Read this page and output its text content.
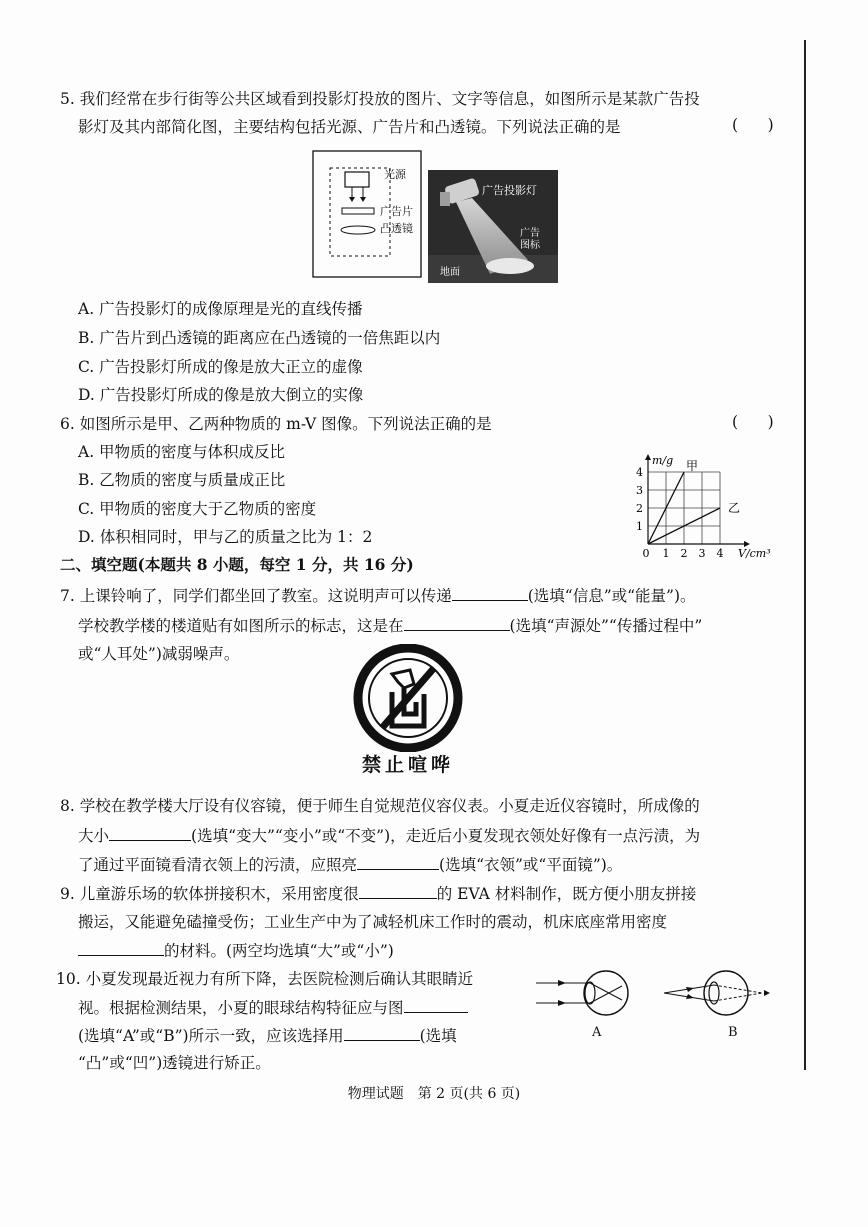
5. 我们经常在步行街等公共区域看到投影灯投放的图片、文字等信息，如图所示是某款广告投
影灯及其内部简化图，主要结构包括光源、广告片和凸透镜。下列说法正确的是	(      )
光源
广告片
凸透镜
广告投影灯
广告图标
地面
A. 广告投影灯的成像原理是光的直线传播
B. 广告片到凸透镜的距离应在凸透镜的一倍焦距以内
C. 广告投影灯所成的像是放大正立的虚像
D. 广告投影灯所成的像是放大倒立的实像
6. 如图所示是甲、乙两种物质的 m-V 图像。下列说法正确的是	(      )
A. 甲物质的密度与体积成反比
B. 乙物质的密度与质量成正比
C. 甲物质的密度大于乙物质的密度
D. 体积相同时，甲与乙的质量之比为 1：2
0 1 2 3 4
1
2
3
4
V/cm³
m/g 甲
乙
二、填空题(本题共 8 小题，每空 1 分，共 16 分)
7. 上课铃响了，同学们都坐回了教室。这说明声可以传递	(选填“信息”或“能量”)。
学校教学楼的楼道贴有如图所示的标志，这是在	(选填“声源处”“传播过程中”
或“人耳处”)减弱噪声。
禁止喧哗
8. 学校在教学楼大厅设有仪容镜，便于师生自觉规范仪容仪表。小夏走近仪容镜时，所成像的
大小	(选填“变大”“变小”或“不变”)，走近后小夏发现衣领处好像有一点污渍，为
了通过平面镜看清衣领上的污渍，应照亮	(选填“衣领”或“平面镜”)。
9. 儿童游乐场的软体拼接积木，采用密度很	的 EVA 材料制作，既方便小朋友拼接
搬运，又能避免磕撞受伤；工业生产中为了减轻机床工作时的震动，机床底座常用密度
的材料。(两空均选填“大”或“小”)
10. 小夏发现最近视力有所下降，去医院检测后确认其眼睛近
视。根据检测结果，小夏的眼球结构特征应与图
(选填“A”或“B”)所示一致，应该选择用	(选填
“凸”或“凹”)透镜进行矫正。
A	B
物理试题　第 2 页(共 6 页)
